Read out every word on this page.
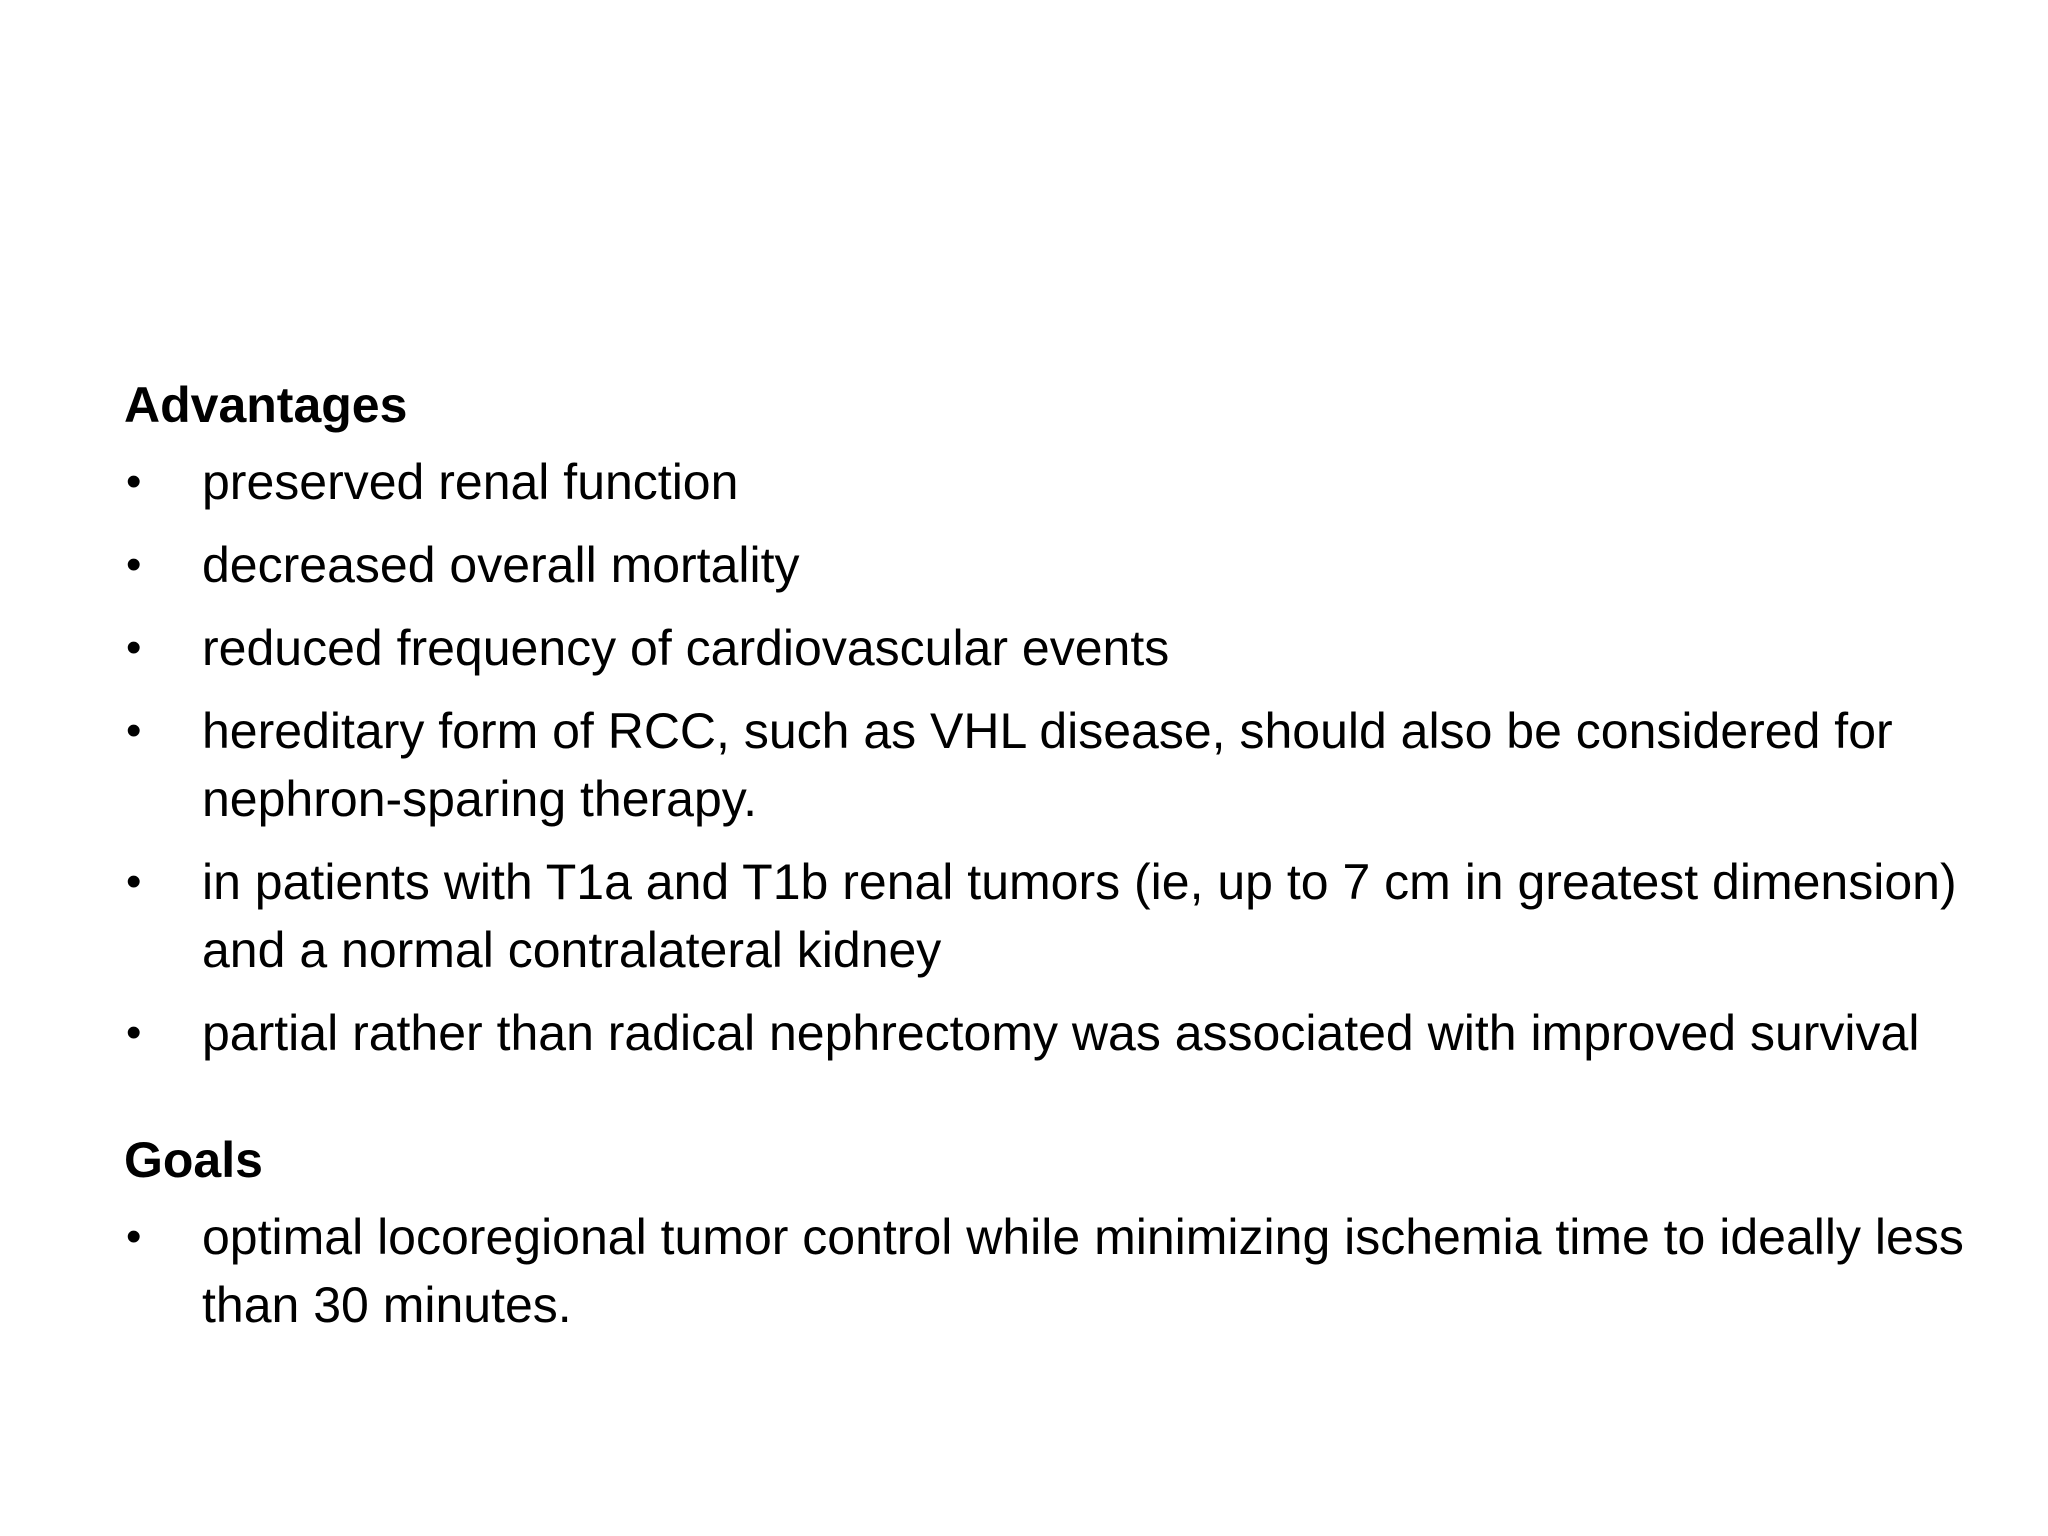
Advantages
•	preserved renal function
•	decreased overall mortality
•	reduced frequency of cardiovascular events
•	hereditary form of RCC, such as VHL disease, should also be considered for nephron-sparing therapy.
•	in patients with T1a and T1b renal tumors (ie, up to 7 cm in greatest dimension) and a normal contralateral kidney
•	partial rather than radical nephrectomy was associated with improved survival
Goals
•	optimal locoregional tumor control while minimizing ischemia time to ideally less than 30 minutes.
